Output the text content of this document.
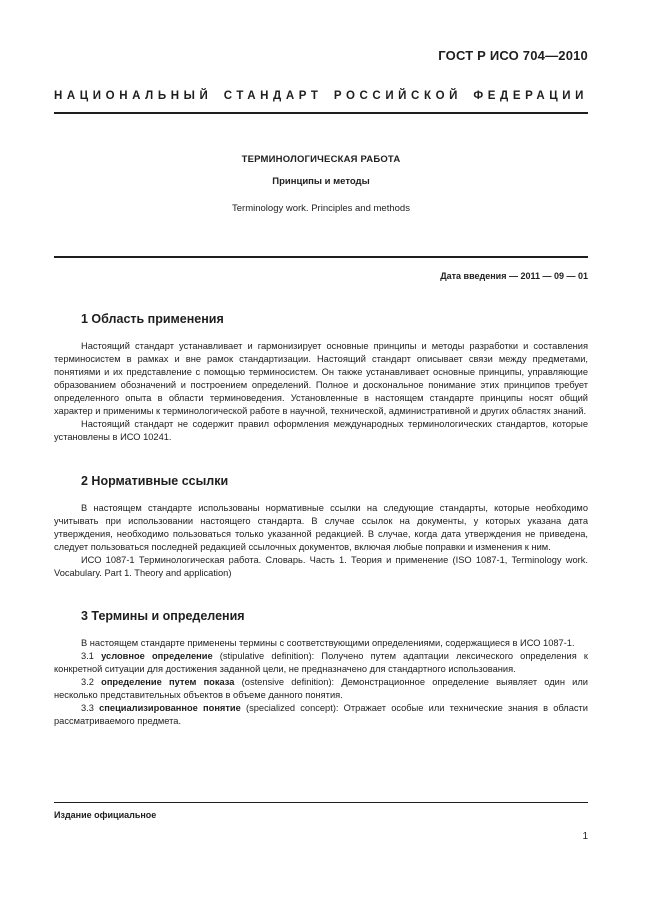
ГОСТ Р ИСО 704—2010
НАЦИОНАЛЬНЫЙ СТАНДАРТ РОССИЙСКОЙ ФЕДЕРАЦИИ
ТЕРМИНОЛОГИЧЕСКАЯ РАБОТА
Принципы и методы
Terminology work. Principles and methods
Дата введения — 2011 — 09 — 01
1 Область применения

Настоящий стандарт устанавливает и гармонизирует основные принципы и методы разработки и составления терминосистем в рамках и вне рамок стандартизации. Настоящий стандарт описывает связи между предметами, понятиями и их представление с помощью терминосистем. Он также устанавливает основные принципы, управляющие образованием обозначений и построением определений. Полное и доскональное понимание этих принципов требует определенного опыта в области терминоведения. Установленные в настоящем стандарте принципы носят общий характер и применимы к терминологической работе в научной, технической, административной и других областях знаний.

Настоящий стандарт не содержит правил оформления международных терминологических стандартов, которые установлены в ИСО 10241.

2 Нормативные ссылки

В настоящем стандарте использованы нормативные ссылки на следующие стандарты, которые необходимо учитывать при использовании настоящего стандарта. В случае ссылок на документы, у которых указана дата утверждения, необходимо пользоваться только указанной редакцией. В случае, когда дата утверждения не приведена, следует пользоваться последней редакцией ссылочных документов, включая любые поправки и изменения к ним.

ИСО 1087-1 Терминологическая работа. Словарь. Часть 1. Теория и применение (ISO 1087-1, Terminology work. Vocabulary. Part 1. Theory and application)

3 Термины и определения

В настоящем стандарте применены термины с соответствующими определениями, содержащиеся в ИСО 1087-1.

3.1 условное определение (stipulative definition): Получено путем адаптации лексического определения к конкретной ситуации для достижения заданной цели, не предназначено для стандартного использования.

3.2 определение путем показа (ostensive definition): Демонстрационное определение выявляет один или несколько представительных объектов в объеме данного понятия.

3.3 специализированное понятие (specialized concept): Отражает особые или технические знания в области рассматриваемого предмета.

Издание официальное
1
